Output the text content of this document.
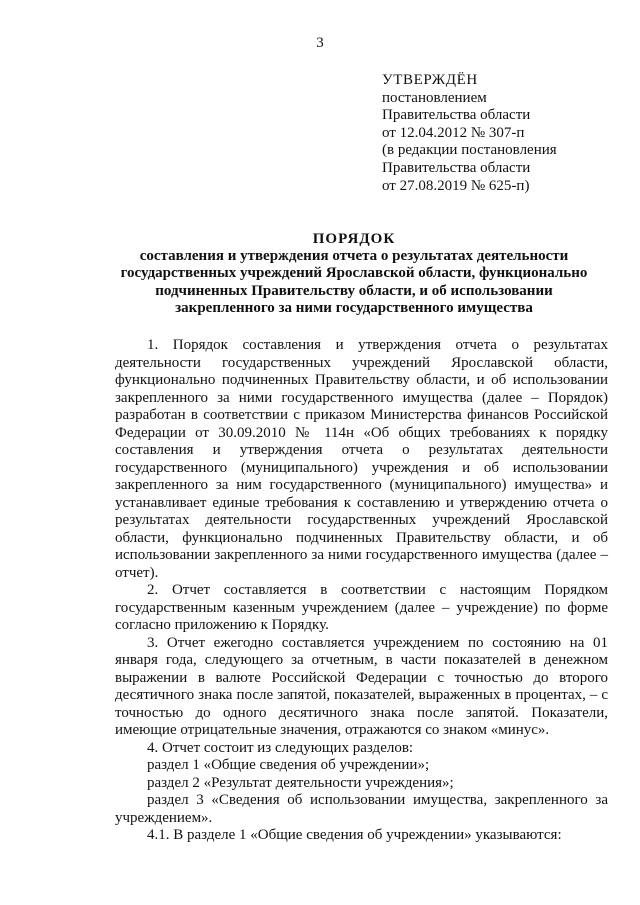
3
УТВЕРЖДЁН
постановлением
Правительства области
от 12.04.2012 № 307-п
(в редакции постановления
Правительства области
от 27.08.2019 № 625-п)
ПОРЯДОК
составления и утверждения отчета о результатах деятельности
государственных учреждений Ярославской области, функционально
подчиненных Правительству области, и об использовании
закрепленного за ними государственного имущества

1. Порядок составления и утверждения отчета о результатах деятельности государственных учреждений Ярославской области, функционально подчиненных Правительству области, и об использовании закрепленного за ними государственного имущества (далее – Порядок) разработан в соответствии с приказом Министерства финансов Российской Федерации от 30.09.2010 № 114н «Об общих требованиях к порядку составления и утверждения отчета о результатах деятельности государственного (муниципального) учреждения и об использовании закрепленного за ним государственного (муниципального) имущества» и устанавливает единые требования к составлению и утверждению отчета о результатах деятельности государственных учреждений Ярославской области, функционально подчиненных Правительству области, и об использовании закрепленного за ними государственного имущества (далее – отчет).

2. Отчет составляется в соответствии с настоящим Порядком государственным казенным учреждением (далее – учреждение) по форме согласно приложению к Порядку.

3. Отчет ежегодно составляется учреждением по состоянию на 01 января года, следующего за отчетным, в части показателей в денежном выражении в валюте Российской Федерации с точностью до второго десятичного знака после запятой, показателей, выраженных в процентах, – с точностью до одного десятичного знака после запятой. Показатели, имеющие отрицательные значения, отражаются со знаком «минус».

4. Отчет состоит из следующих разделов:

раздел 1 «Общие сведения об учреждении»;

раздел 2 «Результат деятельности учреждения»;

раздел 3 «Сведения об использовании имущества, закрепленного за учреждением».

4.1. В разделе 1 «Общие сведения об учреждении» указываются:
